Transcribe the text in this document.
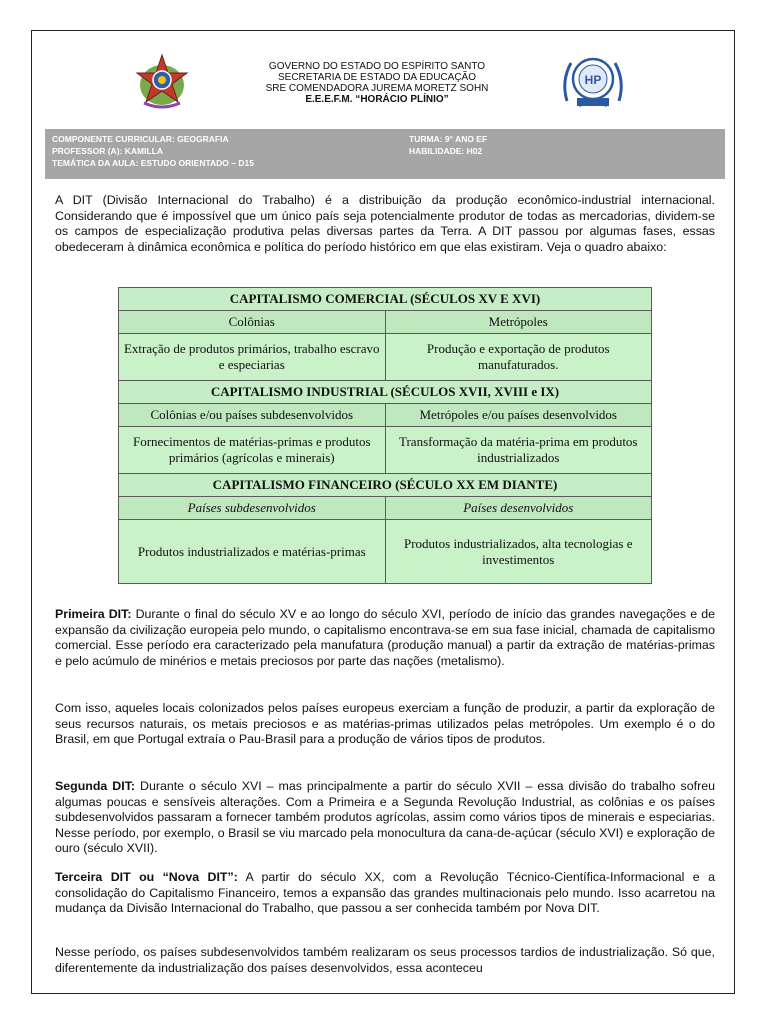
GOVERNO DO ESTADO DO ESPÍRITO SANTO
SECRETARIA DE ESTADO DA EDUCAÇÃO
SRE COMENDADORA JUREMA MORETZ SOHN
E.E.E.F.M. “HORÁCIO PLÍNIO”
HP
COMPONENTE CURRICULAR: GEOGRAFIA
PROFESSOR (A): KAMILLA
TEMÁTICA DA AULA: ESTUDO ORIENTADO – D15
TURMA: 9° ANO EF
HABILIDADE: H02
A DIT (Divisão Internacional do Trabalho) é a distribuição da produção econômico-industrial internacional. Considerando que é impossível que um único país seja potencialmente produtor de todas as mercadorias, dividem-se os campos de especialização produtiva pelas diversas partes da Terra. A DIT passou por algumas fases, essas obedeceram à dinâmica econômica e política do período histórico em que elas existiram. Veja o quadro abaixo:
CAPITALISMO COMERCIAL (SÉCULOS XV E XVI)	
Colônias	Metrópoles
Extração de produtos primários, trabalho escravo e especiarias	Produção e exportação de produtos manufaturados.
CAPITALISMO INDUSTRIAL (SÉCULOS XVII, XVIII e IX)	
Colônias e/ou países subdesenvolvidos	Metrópoles e/ou países desenvolvidos
Fornecimentos de matérias-primas e produtos primários (agrícolas e minerais)	Transformação da matéria-prima em produtos industrializados
CAPITALISMO FINANCEIRO (SÉCULO XX EM DIANTE)	
Países subdesenvolvidos	Países desenvolvidos
Produtos industrializados e matérias-primas	Produtos industrializados, alta tecnologias e investimentos
Primeira DIT: Durante o final do século XV e ao longo do século XVI, período de início das grandes navegações e de expansão da civilização europeia pelo mundo, o capitalismo encontrava-se em sua fase inicial, chamada de capitalismo comercial. Esse período era caracterizado pela manufatura (produção manual) a partir da extração de matérias-primas e pelo acúmulo de minérios e metais preciosos por parte das nações (metalismo).
Com isso, aqueles locais colonizados pelos países europeus exerciam a função de produzir, a partir da exploração de seus recursos naturais, os metais preciosos e as matérias-primas utilizados pelas metrópoles. Um exemplo é o do Brasil, em que Portugal extraía o Pau-Brasil para a produção de vários tipos de produtos.
Segunda DIT: Durante o século XVI – mas principalmente a partir do século XVII – essa divisão do trabalho sofreu algumas poucas e sensíveis alterações. Com a Primeira e a Segunda Revolução Industrial, as colônias e os países subdesenvolvidos passaram a fornecer também produtos agrícolas, assim como vários tipos de minerais e especiarias. Nesse período, por exemplo, o Brasil se viu marcado pela monocultura da cana-de-açúcar (século XVI) e exploração de ouro (século XVII).
Terceira DIT ou “Nova DIT”: A partir do século XX, com a Revolução Técnico-Científica-Informacional e a consolidação do Capitalismo Financeiro, temos a expansão das grandes multinacionais pelo mundo. Isso acarretou na mudança da Divisão Internacional do Trabalho, que passou a ser conhecida também por Nova DIT.
Nesse período, os países subdesenvolvidos também realizaram os seus processos tardios de industrialização. Só que, diferentemente da industrialização dos países desenvolvidos, essa aconteceu
